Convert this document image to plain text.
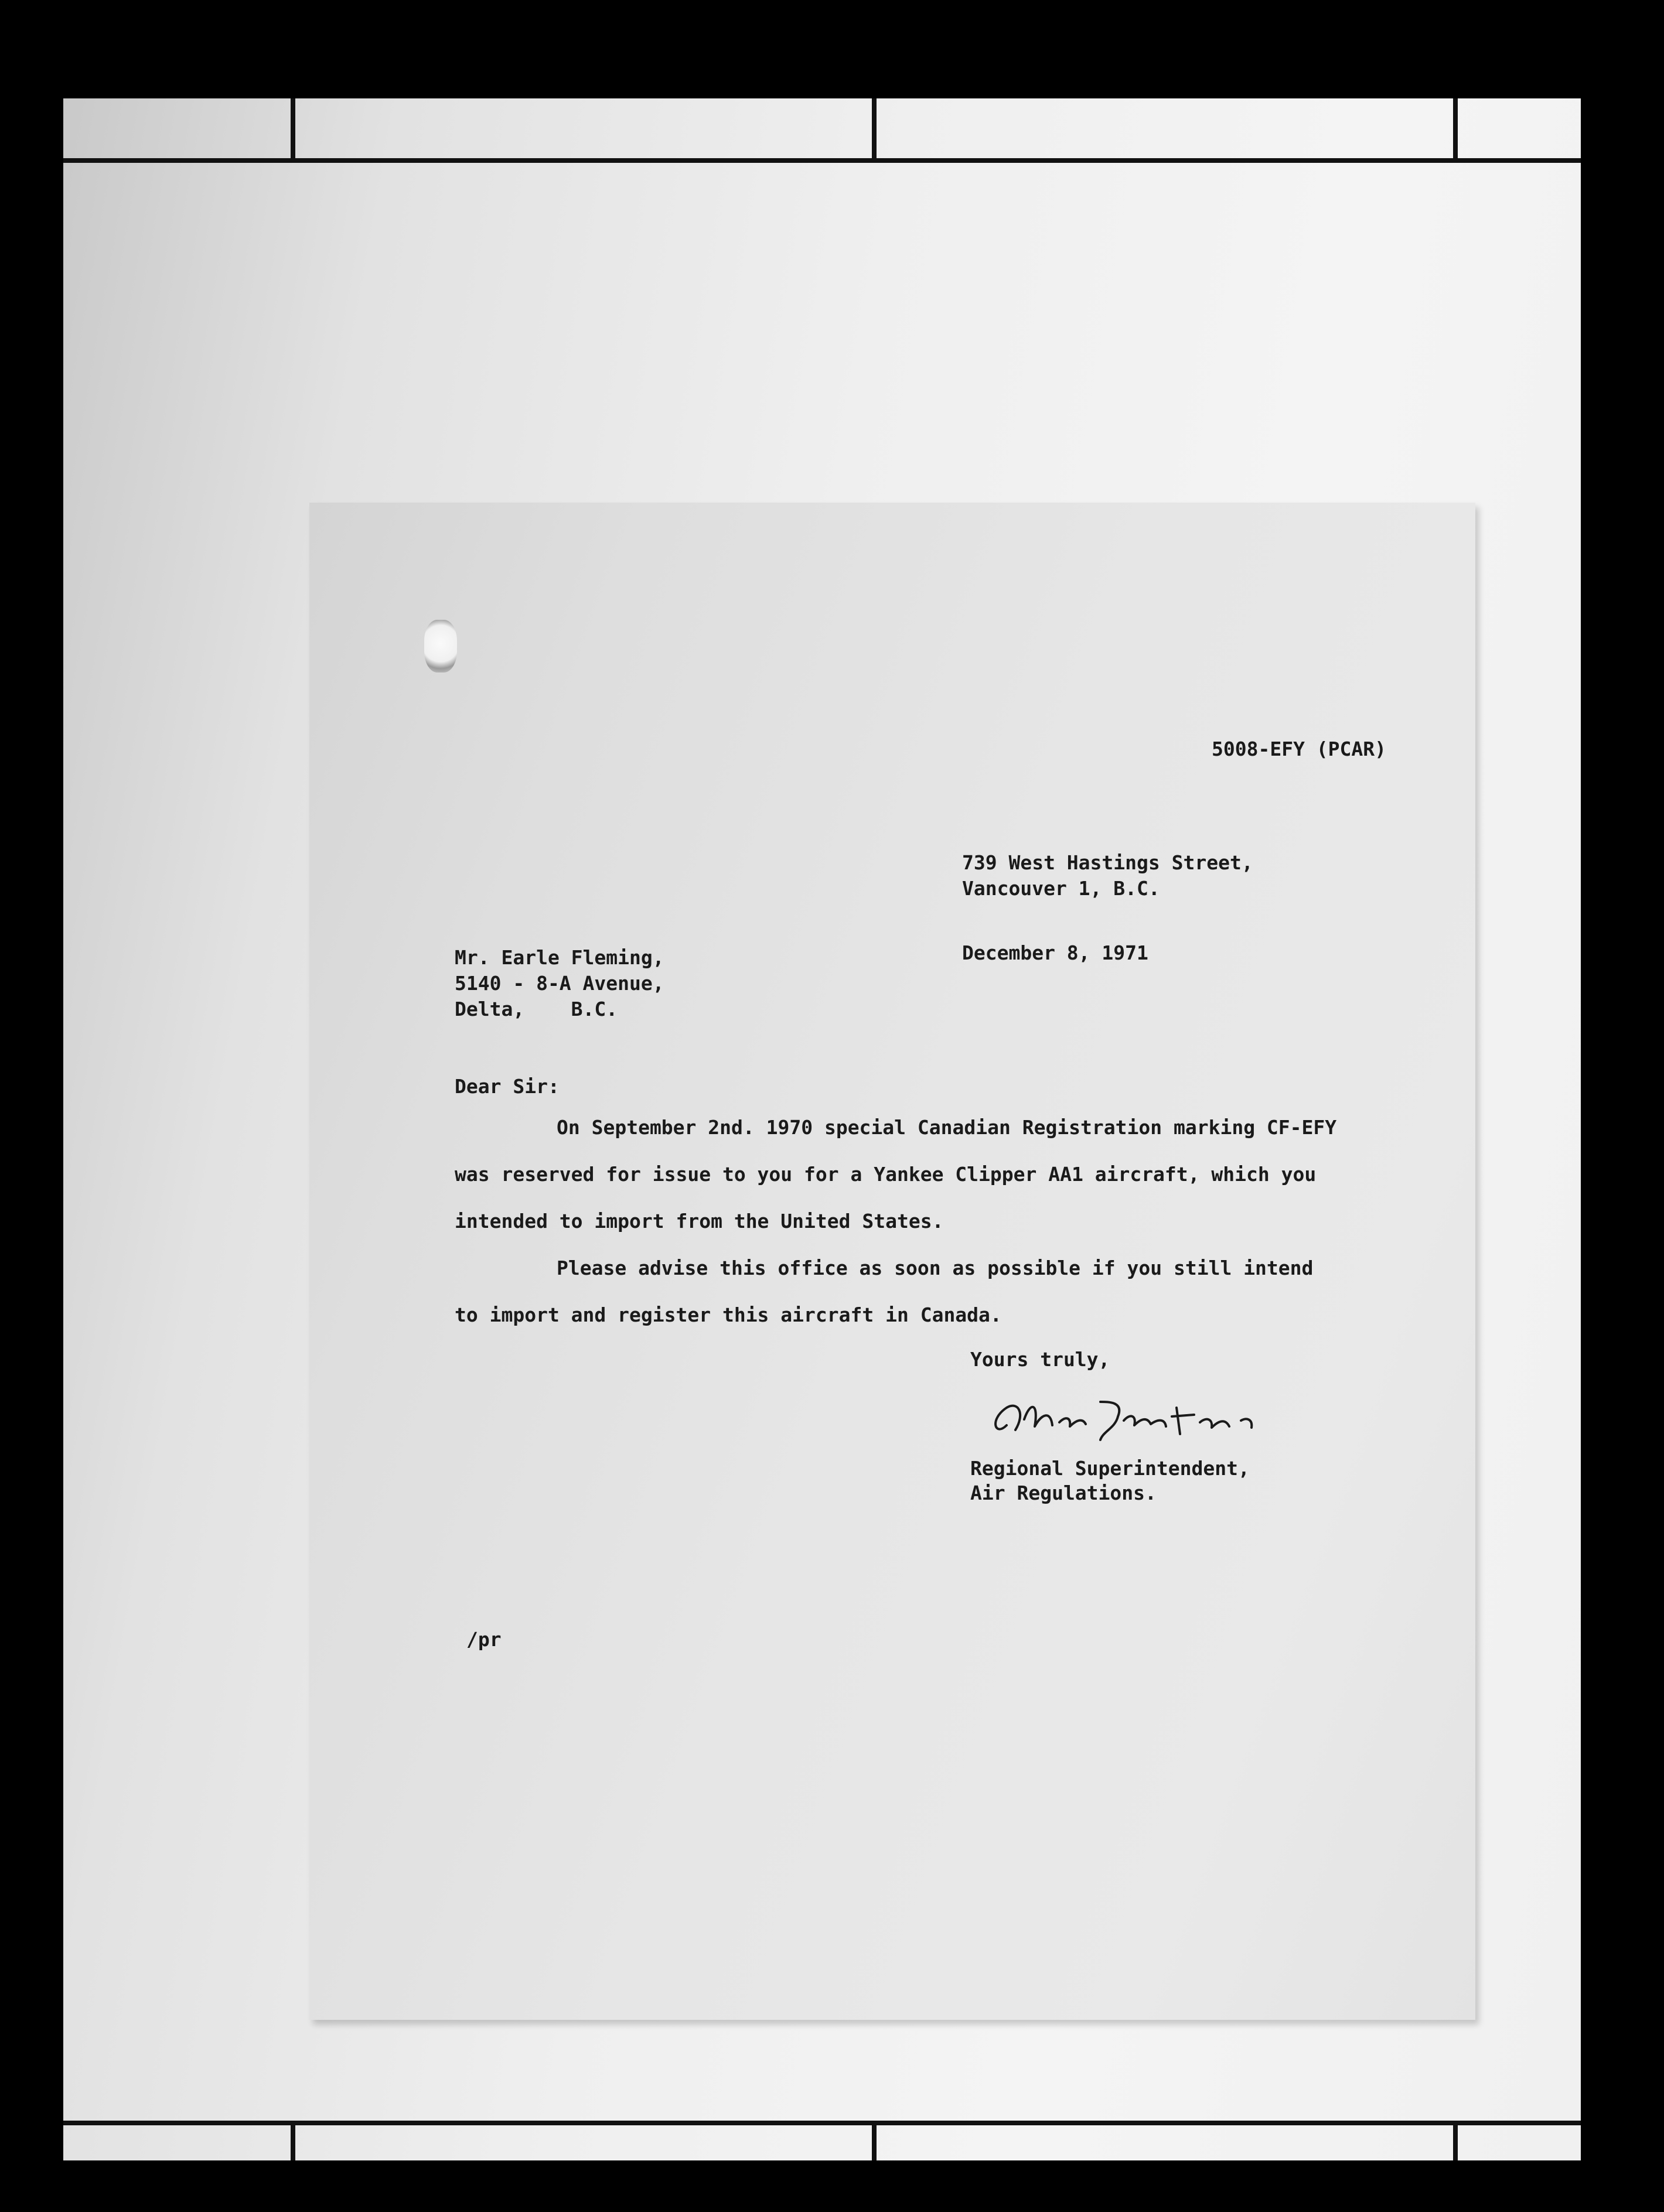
5008-EFY (PCAR)
739 West Hastings Street,
Vancouver 1, B.C.
December 8, 1971
Mr. Earle Fleming,
5140 - 8-A Avenue,
Delta,    B.C.
Dear Sir:
On September 2nd. 1970 special Canadian Registration marking CF-EFY
was reserved for issue to you for a Yankee Clipper AA1 aircraft, which you
intended to import from the United States.
Please advise this office as soon as possible if you still intend
to import and register this aircraft in Canada.
Yours truly,
Regional Superintendent,
Air Regulations.
/pr
